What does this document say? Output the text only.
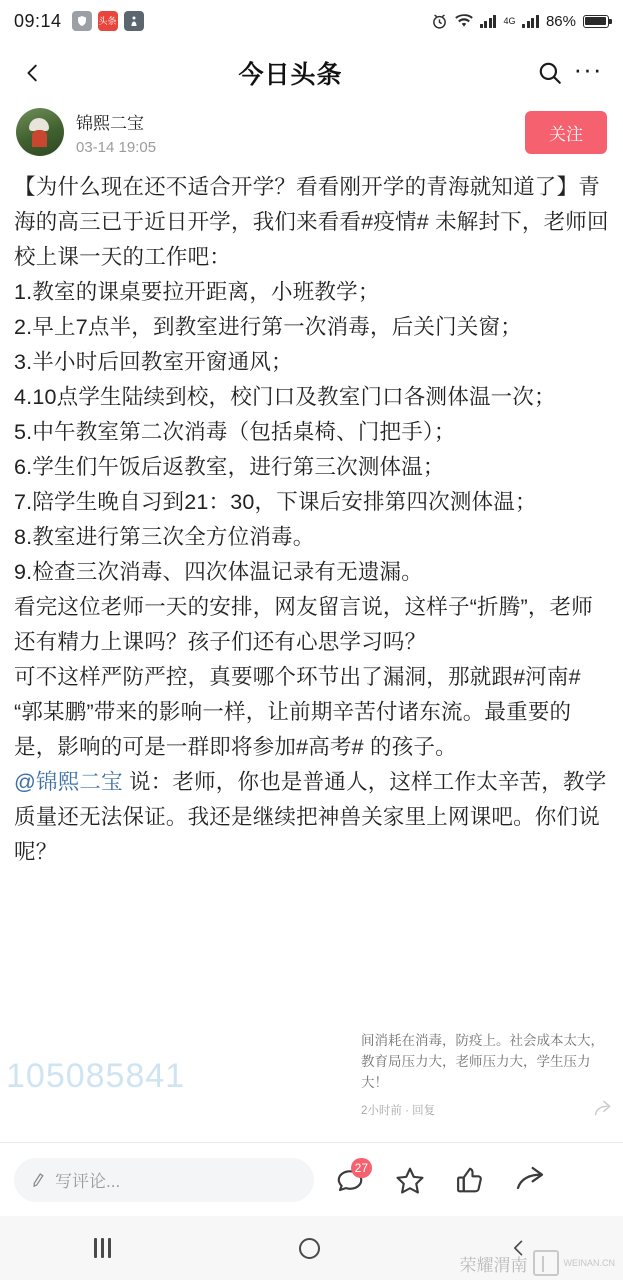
09:14	头条	4G 86%
今日头条	···
锦熙二宝
03-14 19:05
关注

【为什么现在还不适合开学？看看刚开学的青海就知道了】青海的高三已于近日开学，我们来看看#疫情# 未解封下，老师回校上课一天的工作吧：

1.教室的课桌要拉开距离，小班教学；

2.早上7点半，到教室进行第一次消毒，后关门关窗；

3.半小时后回教室开窗通风；

4.10点学生陆续到校，校门口及教室门口各测体温一次；

5.中午教室第二次消毒（包括桌椅、门把手）；

6.学生们午饭后返教室，进行第三次测体温；

7.陪学生晚自习到21：30，下课后安排第四次测体温；

8.教室进行第三次全方位消毒。

9.检查三次消毒、四次体温记录有无遗漏。

看完这位老师一天的安排，网友留言说，这样子“折腾”，老师还有精力上课吗？孩子们还有心思学习吗？

可不这样严防严控，真要哪个环节出了漏洞，那就跟#河南# “郭某鹏”带来的影响一样，让前期辛苦付诸东流。最重要的是，影响的可是一群即将参加#高考# 的孩子。

@锦熙二宝 说：老师，你也是普通人，这样工作太辛苦，教学质量还无法保证。我还是继续把神兽关家里上网课吧。你们说呢？

105085841
间消耗在消毒，防疫上。社会成本太大，教育局压力大，老师压力大，学生压力大！
2小时前 · 回复
写评论...
27
荣耀渭南	WEINAN.CN
